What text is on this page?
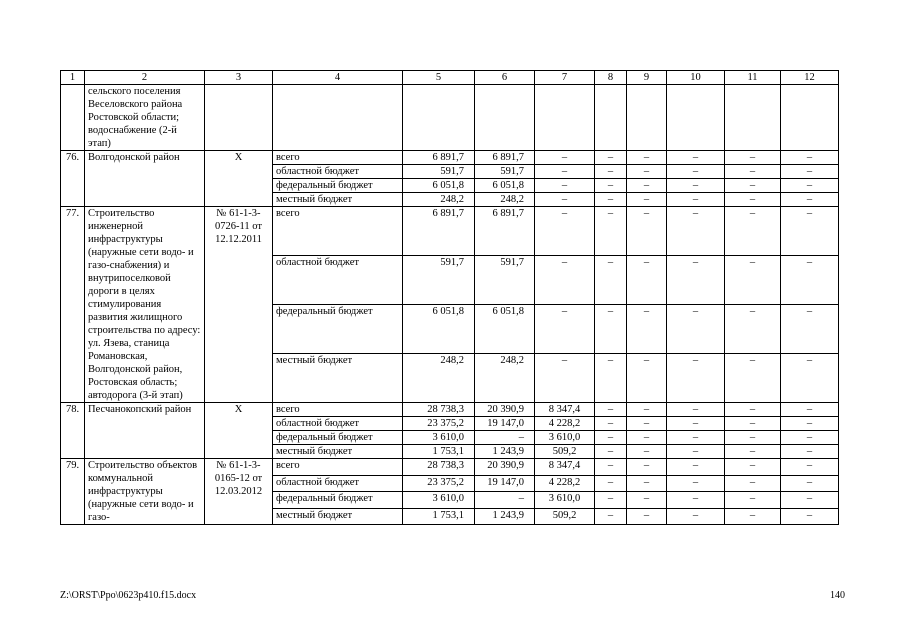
1	2	3	4	5	6	7	8	9	10	11	12
	сельского поселения Веселовского района Ростовской области; водоснабжение (2-й этап)										
76.	Волгодонской район	Х	всего	6 891,7	6 891,7	–	–	–	–	–	–
			областной бюджет	591,7	591,7	–	–	–	–	–	–
			федеральный бюджет	6 051,8	6 051,8	–	–	–	–	–	–
			местный бюджет	248,2	248,2	–	–	–	–	–	–
77.	Строительство инженерной инфраструктуры (наружные сети водо- и газо-снабжения) и внутрипоселковой дороги в целях стимулирования развития жилищного строительства по адресу: ул. Язева, станица Романовская, Волгодонской район, Ростовская область; автодорога (3-й этап)	№ 61-1-3-0726-11 от 12.12.2011	всего	6 891,7	6 891,7	–	–	–	–	–	–
			областной бюджет	591,7	591,7	–	–	–	–	–	–
			федеральный бюджет	6 051,8	6 051,8	–	–	–	–	–	–
			местный бюджет	248,2	248,2	–	–	–	–	–	–
78.	Песчанокопский район	Х	всего	28 738,3	20 390,9	8 347,4	–	–	–	–	–
			областной бюджет	23 375,2	19 147,0	4 228,2	–	–	–	–	–
			федеральный бюджет	3 610,0	–	3 610,0	–	–	–	–	–
			местный бюджет	1 753,1	1 243,9	509,2	–	–	–	–	–
79.	Строительство объектов коммунальной инфраструктуры (наружные сети водо- и газо-	№ 61-1-3-0165-12 от 12.03.2012	всего	28 738,3	20 390,9	8 347,4	–	–	–	–	–
			областной бюджет	23 375,2	19 147,0	4 228,2	–	–	–	–	–
			федеральный бюджет	3 610,0	–	3 610,0	–	–	–	–	–
			местный бюджет	1 753,1	1 243,9	509,2	–	–	–	–	–
Z:\ORST\Ppo\0623p410.f15.docx	140
